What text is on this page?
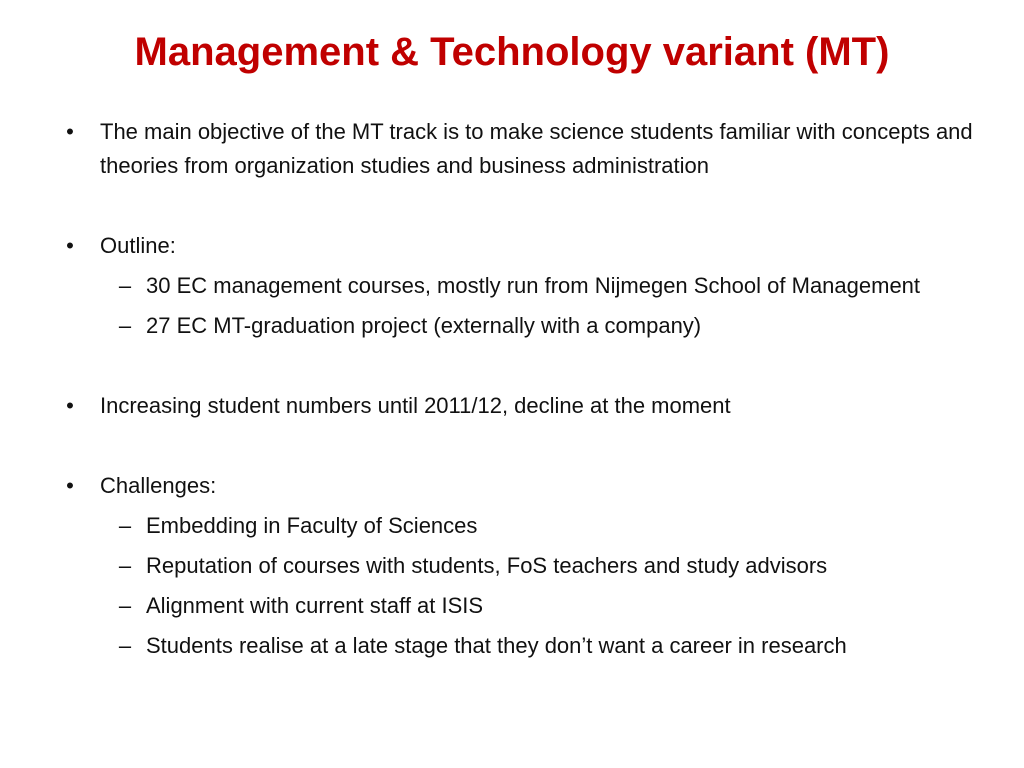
Management & Technology variant (MT)
• The main objective of the MT track is to make science students familiar with concepts and theories from organization studies and business administration
• Outline:
– 30 EC management courses, mostly run from Nijmegen School of Management
– 27 EC MT-graduation project (externally with a company)
• Increasing student numbers until 2011/12, decline at the moment
• Challenges:
– Embedding in Faculty of Sciences
– Reputation of courses with students, FoS teachers and study advisors
– Alignment with current staff at ISIS
– Students realise at a late stage that they don’t want a career in research
